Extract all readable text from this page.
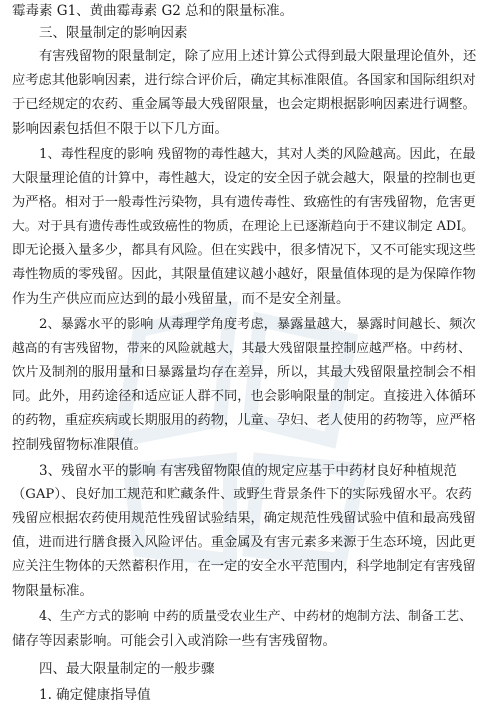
霉毒素 G1、黄曲霉毒素 G2 总和的限量标准。
三、限量制定的影响因素
有害残留物的限量制定，除了应用上述计算公式得到最大限量理论值外，还
应考虑其他影响因素，进行综合评价后，确定其标准限值。各国家和国际组织对
于已经规定的农药、重金属等最大残留限量，也会定期根据影响因素进行调整。
影响因素包括但不限于以下几方面。
1、毒性程度的影响 残留物的毒性越大，其对人类的风险越高。因此，在最
大限量理论值的计算中，毒性越大，设定的安全因子就会越大，限量的控制也更
为严格。相对于一般毒性污染物，具有遗传毒性、致癌性的有害残留物，危害更
大。对于具有遗传毒性或致癌性的物质，在理论上已逐渐趋向于不建议制定 ADI。
即无论摄入量多少，都具有风险。但在实践中，很多情况下，又不可能实现这些
毒性物质的零残留。因此，其限量值建议越小越好，限量值体现的是为保障作物
作为生产供应而应达到的最小残留量，而不是安全剂量。
2、暴露水平的影响 从毒理学角度考虑，暴露量越大，暴露时间越长、频次
越高的有害残留物，带来的风险就越大，其最大残留限量控制应越严格。中药材、
饮片及制剂的服用量和日暴露量均存在差异，所以，其最大残留限量控制会不相
同。此外，用药途径和适应证人群不同，也会影响限量的制定。直接进入体循环
的药物，重症疾病或长期服用的药物，儿童、孕妇、老人使用的药物等，应严格
控制残留物标准限值。
3、残留水平的影响 有害残留物限值的规定应基于中药材良好种植规范
（GAP）、良好加工规范和贮藏条件、或野生背景条件下的实际残留水平。农药
残留应根据农药使用规范性残留试验结果，确定规范性残留试验中值和最高残留
值，进而进行膳食摄入风险评估。重金属及有害元素多来源于生态环境，因此更
应关注生物体的天然蓄积作用，在一定的安全水平范围内，科学地制定有害残留
物限量标准。
4、生产方式的影响 中药的质量受农业生产、中药材的炮制方法、制备工艺、
储存等因素影响。可能会引入或消除一些有害残留物。
四、最大限量制定的一般步骤
1. 确定健康指导值
